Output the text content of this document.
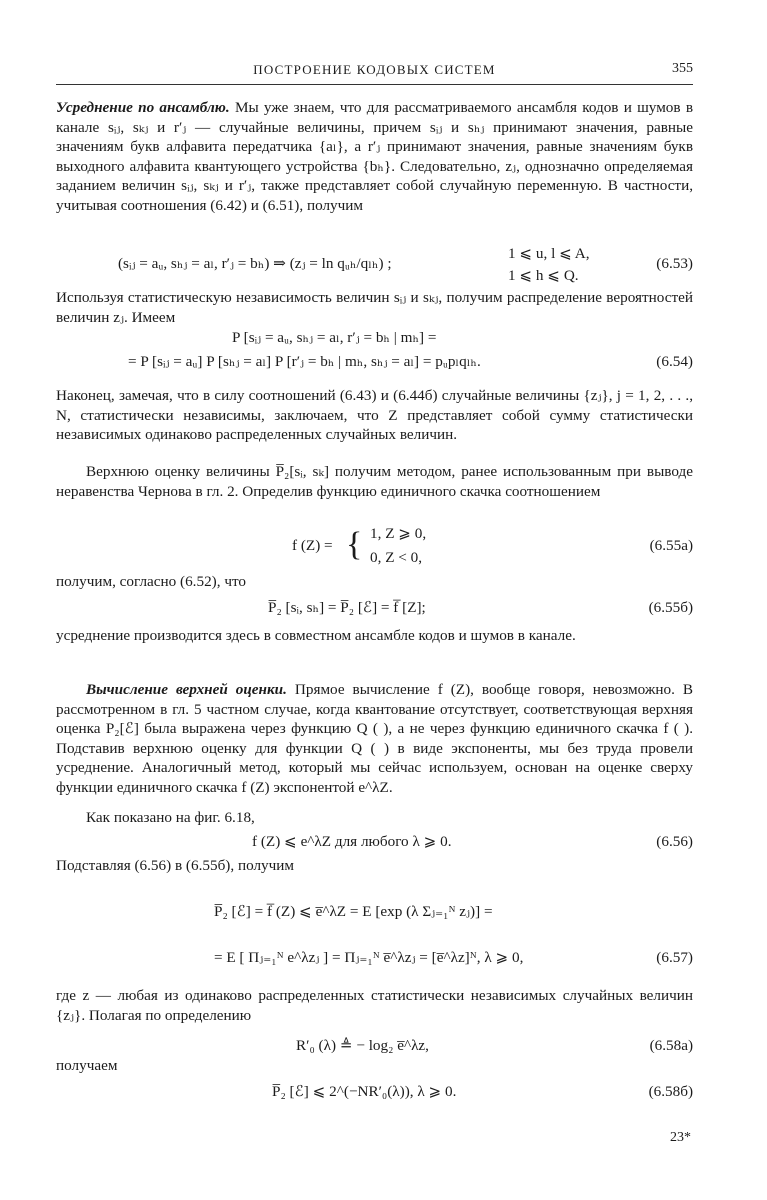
ПОСТРОЕНИЕ КОДОВЫХ СИСТЕМ	355

Усреднение по ансамблю. Мы уже знаем, что для рассматриваемого ансамбля кодов и шумов в канале sᵢⱼ, sₖⱼ и r′ⱼ — случайные величины, причем sᵢⱼ и sₕⱼ принимают значения, равные значениям букв алфавита передатчика {aₗ}, а r′ⱼ принимают значения, равные значениям букв выходного алфавита квантующего устройства {bₕ}. Следовательно, zⱼ, однозначно определяемая заданием величин sᵢⱼ, sₖⱼ и r′ⱼ, также представляет собой случайную переменную. В частности, учитывая соотношения (6.42) и (6.51), получим

(sᵢⱼ = aᵤ, sₕⱼ = aₗ, r′ⱼ = bₕ) ⇒ (zⱼ = ln qᵤₕ/qₗₕ) ;
1 ⩽ u, l ⩽ A,
1 ⩽ h ⩽ Q.
(6.53)

Используя статистическую независимость величин sᵢⱼ и sₖⱼ, получим распределение вероятностей величин zⱼ. Имеем

P [sᵢⱼ = aᵤ, sₕⱼ = aₗ, r′ⱼ = bₕ | mₕ] =
= P [sᵢⱼ = aᵤ] P [sₕⱼ = aₗ] P [r′ⱼ = bₕ | mₕ, sₕⱼ = aₗ] = pᵤpₗqₗₕ.	(6.54)

Наконец, замечая, что в силу соотношений (6.43) и (6.44б) случайные величины {zⱼ}, j = 1, 2, . . ., N, статистически независимы, заключаем, что Z представляет собой сумму статистически независимых одинаково распределенных случайных величин.

Верхнюю оценку величины P̅₂[sᵢ, sₖ] получим методом, ранее использованным при выводе неравенства Чернова в гл. 2. Определив функцию единичного скачка соотношением

f (Z) = { 1, Z ⩾ 0,
0, Z < 0,
(6.55а)

получим, согласно (6.52), что

P̅₂ [sᵢ, sₕ] = P̅₂ [ℰ] = f̅ [Z];	(6.55б)

усреднение производится здесь в совместном ансамбле кодов и шумов в канале.

Вычисление верхней оценки. Прямое вычисление f (Z), вообще говоря, невозможно. В рассмотренном в гл. 5 частном случае, когда квантование отсутствует, соответствующая верхняя оценка P₂[ℰ] была выражена через функцию Q ( ), а не через функцию единичного скачка f ( ). Подставив верхнюю оценку для функции Q ( ) в виде экспоненты, мы без труда провели усреднение. Аналогичный метод, который мы сейчас используем, основан на оценке сверху функции единичного скачка f (Z) экспонентой e^λZ.

Как показано на фиг. 6.18,

f (Z) ⩽ e^λZ для любого λ ⩾ 0.	(6.56)

Подставляя (6.56) в (6.55б), получим

P̅₂ [ℰ] = f̅ (Z) ⩽ e̅^λZ = E [exp (λ Σⱼ₌₁ᴺ zⱼ)] =
= E [ Πⱼ₌₁ᴺ e^λzⱼ ] = Πⱼ₌₁ᴺ e̅^λzⱼ = [e̅^λz]ᴺ, λ ⩾ 0,	(6.57)

где z — любая из одинаково распределенных статистически независимых случайных величин {zⱼ}. Полагая по определению

R′₀ (λ) ≜ − log₂ e̅^λz,	(6.58а)

получаем

P̅₂ [ℰ] ⩽ 2^(−NR′₀(λ)), λ ⩾ 0.	(6.58б)
23*
